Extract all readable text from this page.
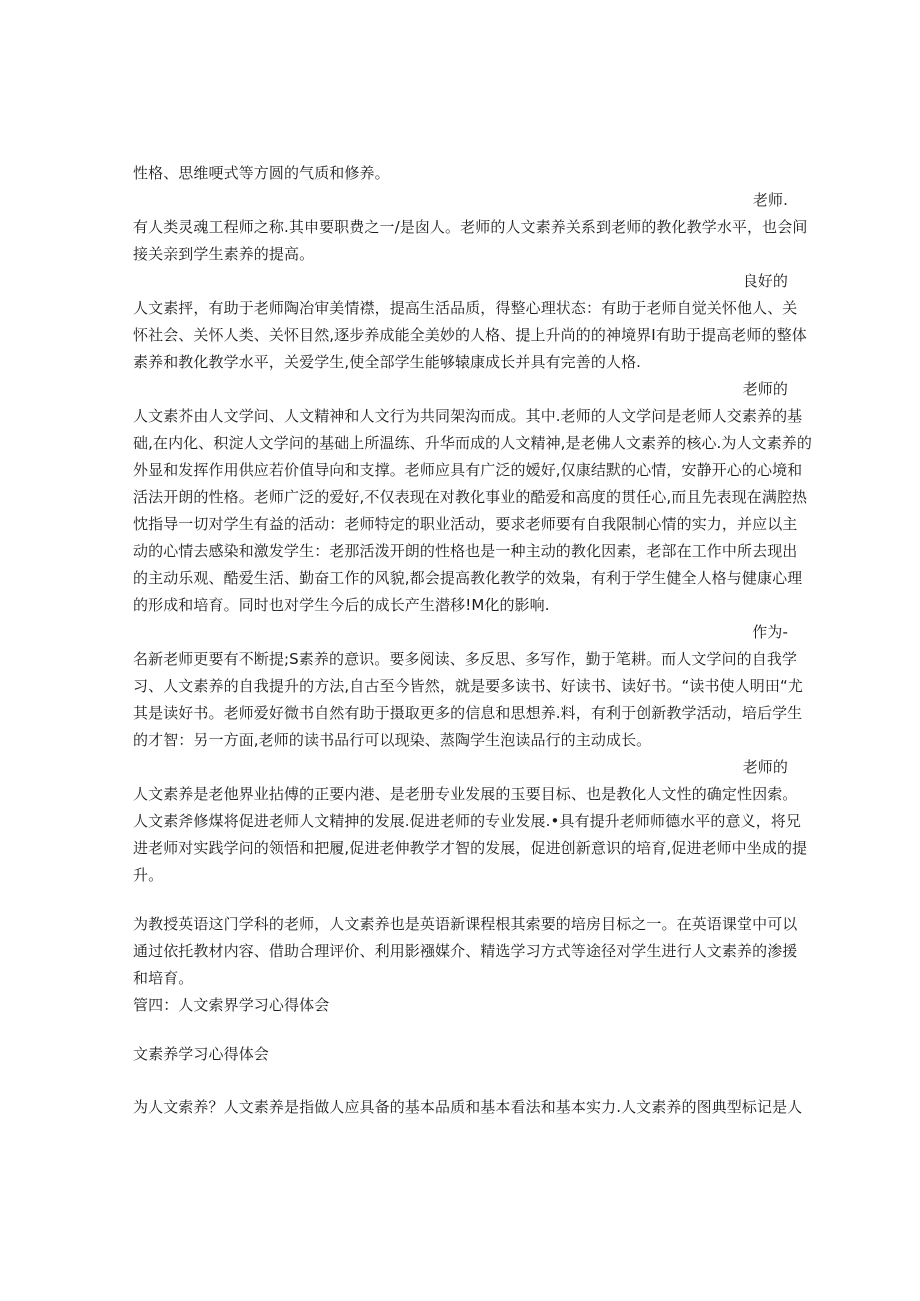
性格、思维哽式等方圆的气质和修养。
老师.
有人类灵魂工程师之称.其申要职费之一/是囱人。老师的人文素养关系到老师的教化教学水平，也会间
接关亲到学生素养的提高。
良好的
人文素抨，有助于老师陶冶审美情襟，提高生活品质，得整心理状态：有助于老师自觉关怀他人、关
怀社会、关怀人类、关怀目然,逐步养成能全美妙的人格、提上升尚的的神境界I有助于提高老师的整体
素养和教化教学水平，关爱学生,使全部学生能够辕康成长并具有完善的人格.
老师的
人文素芥由人文学问、人文精神和人文行为共同架沟而成。其中.老师的人文学问是老师人交素养的基
础,在内化、积淀人文学问的基础上所温练、升华而成的人文精神,是老佛人文素养的核心.为人文素养的
外显和发挥作用供应若价值导向和支撑。老师应具有广泛的嫒好,仅康结默的心情，安静开心的心境和
活法开朗的性格。老师广泛的爱好,不仅表现在对教化事业的酷爱和高度的贯任心,而且先表现在满腔热
忱指导一切对学生有益的活动：老师特定的职业活动，要求老师要有自我限制心情的实力，并应以主
动的心情去感染和激发学生：老那活泼开朗的性格也是一种主动的教化因素，老部在工作中所去现出
的主动乐观、酷爱生活、勤奋工作的风貌,都会提高教化教学的效枭，有利于学生健全人格与健康心理
的形成和培育。同时也对学生今后的成长产生潜移!M化的影响.
作为-
名新老师更要有不断提;S素养的意识。要多阅读、多反思、多写作，勤于笔耕。而人文学问的自我学
习、人文素养的自我提升的方法,自古至今皆然，就是要多读书、好读书、读好书。“读书使人明田“尤
其是读好书。老师爱好微书自然有助于摄取更多的信息和思想养.料，有利于创新教学活动，培后学生
的才智：另一方面,老师的读书品行可以现染、蒸陶学生泡读品行的主动成长。
老师的
人文素养是老他界业拈傅的正要内港、是老册专业发展的玉要目标、也是教化人文性的确定性因索。
人文素斧修煤将促进老师人文精抻的发展.促进老师的专业发展.•具有提升老师师德水平的意义，将兄
进老师对实践学问的领悟和把履,促进老伸教学才智的发展，促进创新意识的培育,促进老师中坐成的提
升。
为教授英语这门学科的老师，人文素养也是英语新课程根其索要的培房目标之一。在英语课堂中可以
通过依托教材内容、借助合理评价、利用影襁媒介、精选学习方式等途径对学生进行人文素养的渗援
和培育。
管四：人文索界学习心得体会
文素养学习心得体会
为人文索养？人文素养是指做人应具备的基本品质和基本看法和基本实力.人文素养的图典型标记是人
